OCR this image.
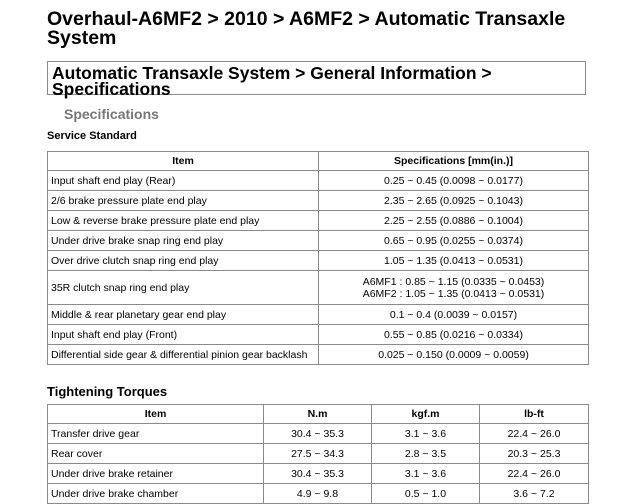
Overhaul-A6MF2 > 2010 > A6MF2 > Automatic Transaxle System
Automatic Transaxle System > General Information > Specifications
Specifications
Service Standard
Item	Specifications [mm(in.)]
Input shaft end play (Rear)	0.25 ~ 0.45 (0.0098 ~ 0.0177)
2/6 brake pressure plate end play	2.35 ~ 2.65 (0.0925 ~ 0.1043)
Low & reverse brake pressure plate end play	2.25 ~ 2.55 (0.0886 ~ 0.1004)
Under drive brake snap ring end play	0.65 ~ 0.95 (0.0255 ~ 0.0374)
Over drive clutch snap ring end play	1.05 ~ 1.35 (0.0413 ~ 0.0531)
35R clutch snap ring end play	A6MF1 : 0.85 ~ 1.15 (0.0335 ~ 0.0453)
A6MF2 : 1.05 ~ 1.35 (0.0413 ~ 0.0531)

Middle & rear planetary gear end play	0.1 ~ 0.4 (0.0039 ~ 0.0157)
Input shaft end play (Front)	0.55 ~ 0.85 (0.0216 ~ 0.0334)
Differential side gear & differential pinion gear backlash	0.025 ~ 0.150 (0.0009 ~ 0.0059)
Tightening Torques
Item	N.m	kgf.m	lb-ft
Transfer drive gear	30.4 ~ 35.3	3.1 ~ 3.6	22.4 ~ 26.0
Rear cover	27.5 ~ 34.3	2.8 ~ 3.5	20.3 ~ 25.3
Under drive brake retainer	30.4 ~ 35.3	3.1 ~ 3.6	22.4 ~ 26.0
Under drive brake chamber	4.9 ~ 9.8	0.5 ~ 1.0	3.6 ~ 7.2
